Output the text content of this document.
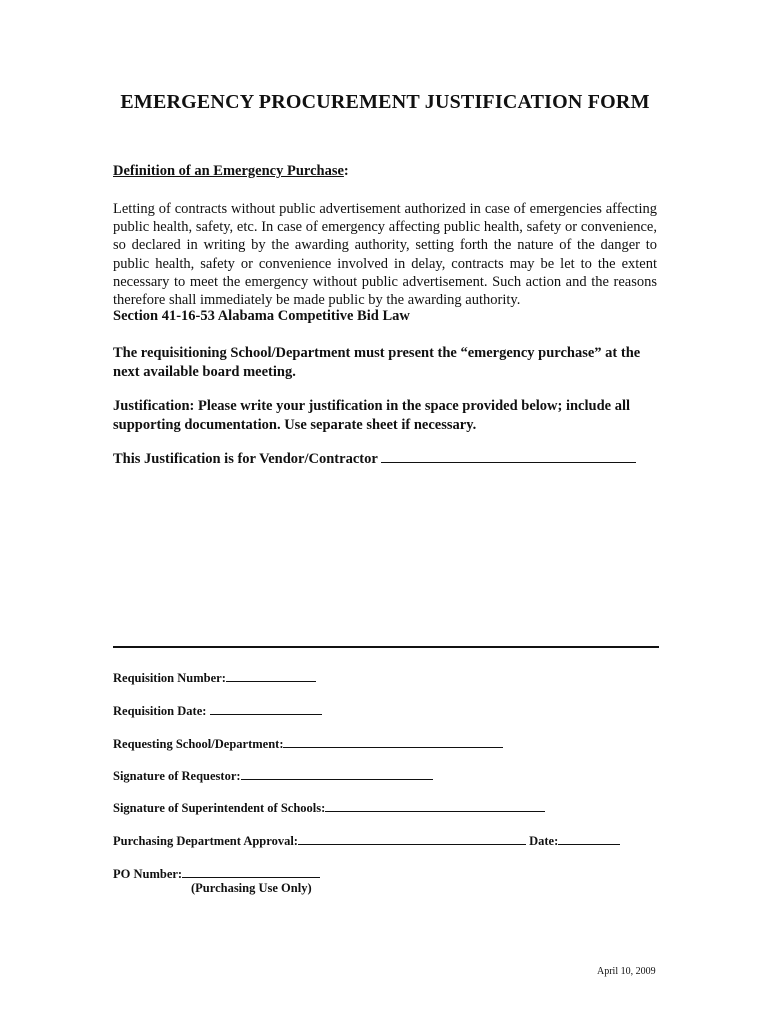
EMERGENCY PROCUREMENT JUSTIFICATION FORM
Definition of an Emergency Purchase:
Letting of contracts without public advertisement authorized in case of emergencies affecting public health, safety, etc. In case of emergency affecting public health, safety or convenience, so declared in writing by the awarding authority, setting forth the nature of the danger to public health, safety or convenience involved in delay, contracts may be let to the extent necessary to meet the emergency without public advertisement. Such action and the reasons therefore shall immediately be made public by the awarding authority.
Section 41-16-53 Alabama Competitive Bid Law
The requisitioning School/Department must present the “emergency purchase” at the next available board meeting.
Justification: Please write your justification in the space provided below; include all supporting documentation. Use separate sheet if necessary.
This Justification is for Vendor/Contractor
Requisition Number:
Requisition Date:
Requesting School/Department:
Signature of Requestor:
Signature of Superintendent of Schools:
Purchasing Department Approval:	Date:
PO Number:
(Purchasing Use Only)
April 10, 2009
